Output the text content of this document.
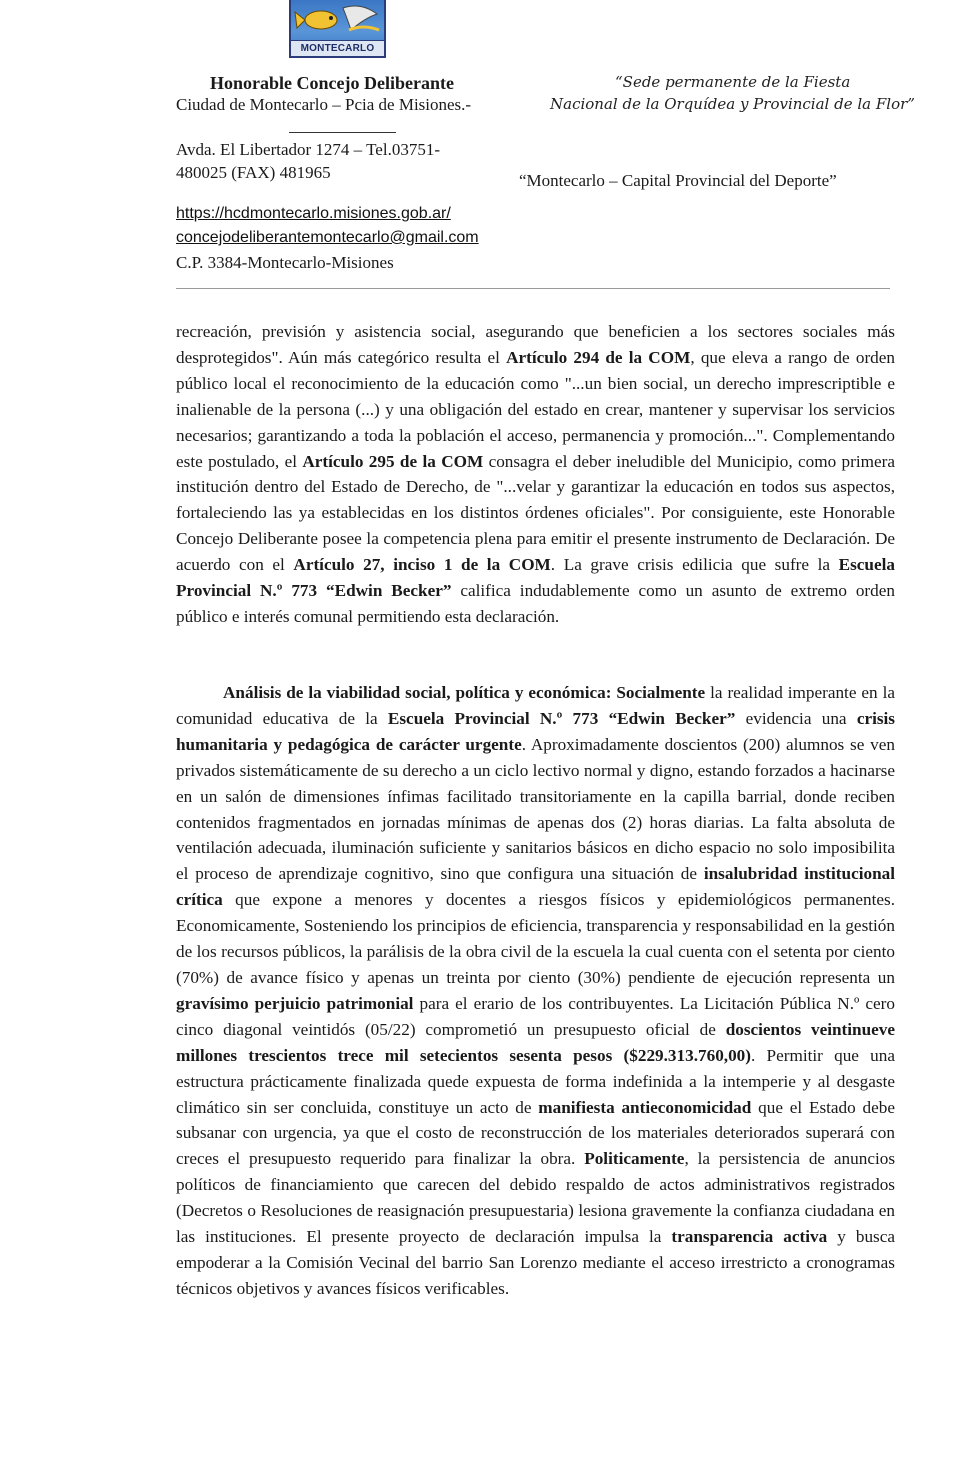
MONTECARLO
Honorable Concejo Deliberante
Ciudad de Montecarlo – Pcia de Misiones.-
Avda. El Libertador 1274 – Tel.03751-
480025 (FAX) 481965
https://hcdmontecarlo.misiones.gob.ar/
concejodeliberantemontecarlo@gmail.com
C.P. 3384-Montecarlo-Misiones
“Sede permanente de la Fiesta
Nacional de la Orquídea y Provincial de la Flor”
“Montecarlo – Capital Provincial del Deporte”
recreación, previsión y asistencia social, asegurando que beneficien a los sectores sociales más desprotegidos". Aún más categórico resulta el Artículo 294 de la COM, que eleva a rango de orden público local el reconocimiento de la educación como "...un bien social, un derecho imprescriptible e inalienable de la persona (...) y una obligación del estado en crear, mantener y supervisar los servicios necesarios; garantizando a toda la población el acceso, permanencia y promoción...". Complementando este postulado, el Artículo 295 de la COM consagra el deber ineludible del Municipio, como primera institución dentro del Estado de Derecho, de "...velar y garantizar la educación en todos sus aspectos, fortaleciendo las ya establecidas en los distintos órdenes oficiales". Por consiguiente, este Honorable Concejo Deliberante posee la competencia plena para emitir el presente instrumento de Declaración. De acuerdo con el Artículo 27, inciso 1 de la COM. La grave crisis edilicia que sufre la Escuela Provincial N.º 773 “Edwin Becker” califica indudablemente como un asunto de extremo orden público e interés comunal permitiendo esta declaración.
Análisis de la viabilidad social, política y económica: Socialmente la realidad imperante en la comunidad educativa de la Escuela Provincial N.º 773 “Edwin Becker” evidencia una crisis humanitaria y pedagógica de carácter urgente. Aproximadamente doscientos (200) alumnos se ven privados sistemáticamente de su derecho a un ciclo lectivo normal y digno, estando forzados a hacinarse en un salón de dimensiones ínfimas facilitado transitoriamente en la capilla barrial, donde reciben contenidos fragmentados en jornadas mínimas de apenas dos (2) horas diarias. La falta absoluta de ventilación adecuada, iluminación suficiente y sanitarios básicos en dicho espacio no solo imposibilita el proceso de aprendizaje cognitivo, sino que configura una situación de insalubridad institucional crítica que expone a menores y docentes a riesgos físicos y epidemiológicos permanentes. Economicamente, Sosteniendo los principios de eficiencia, transparencia y responsabilidad en la gestión de los recursos públicos, la parálisis de la obra civil de la escuela la cual cuenta con el setenta por ciento (70%) de avance físico y apenas un treinta por ciento (30%) pendiente de ejecución representa un gravísimo perjuicio patrimonial para el erario de los contribuyentes. La Licitación Pública N.º cero cinco diagonal veintidós (05/22) comprometió un presupuesto oficial de doscientos veintinueve millones trescientos trece mil setecientos sesenta pesos ($229.313.760,00). Permitir que una estructura prácticamente finalizada quede expuesta de forma indefinida a la intemperie y al desgaste climático sin ser concluida, constituye un acto de manifiesta antieconomicidad que el Estado debe subsanar con urgencia, ya que el costo de reconstrucción de los materiales deteriorados superará con creces el presupuesto requerido para finalizar la obra. Politicamente, la persistencia de anuncios políticos de financiamiento que carecen del debido respaldo de actos administrativos registrados (Decretos o Resoluciones de reasignación presupuestaria) lesiona gravemente la confianza ciudadana en las instituciones. El presente proyecto de declaración impulsa la transparencia activa y busca empoderar a la Comisión Vecinal del barrio San Lorenzo mediante el acceso irrestricto a cronogramas técnicos objetivos y avances físicos verificables.
